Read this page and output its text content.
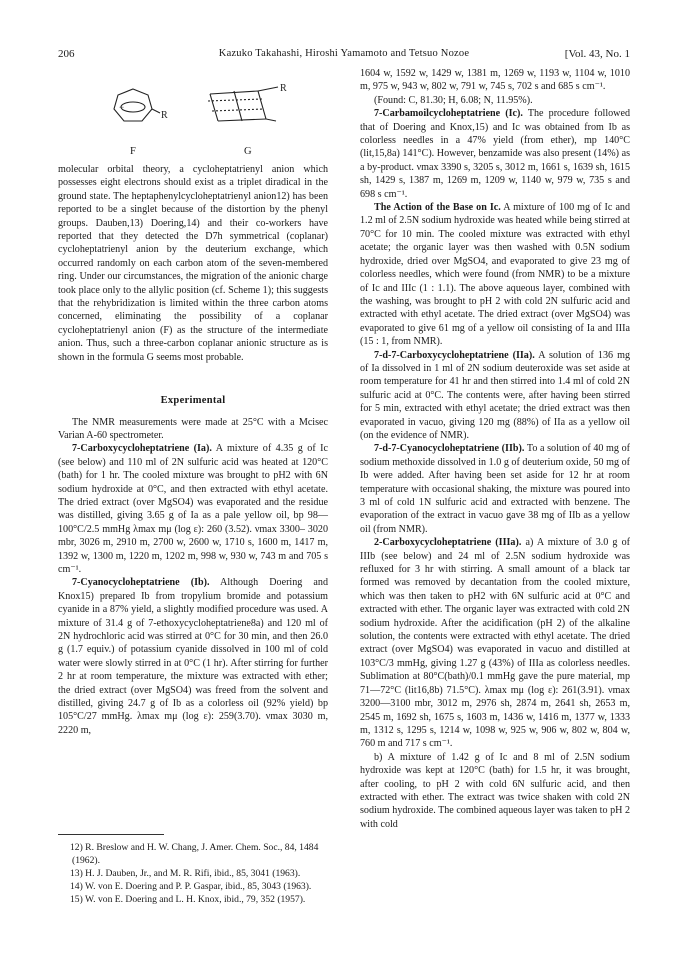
206	Kazuko Takahashi, Hiroshi Yamamoto and Tetsuo Nozoe	[Vol. 43, No. 1
−
R
R
F	G

molecular orbital theory, a cycloheptatrienyl anion which possesses eight electrons should exist as a triplet diradical in the ground state. The heptaphenylcycloheptatrienyl anion12) has been reported to be a singlet because of the distortion by the phenyl groups. Dauben,13) Doering,14) and their co-workers have reported that they detected the D7h symmetrical (coplanar) cycloheptatrienyl anion by the deuterium exchange, which occurred randomly on each carbon atom of the seven-membered ring. Under our circumstances, the migration of the anionic charge took place only to the allylic position (cf. Scheme 1); this suggests that the rehybridization is limited within the three carbon atoms concerned, eliminating the possibility of a coplanar cycloheptatrienyl anion (F) as the structure of the intermediate anion. Thus, such a three-carbon coplanar anionic structure as is shown in the formula G seems most probable.

Experimental

The NMR measurements were made at 25°C with a Mcisec Varian A-60 spectrometer.

7-Carboxycycloheptatriene (Ia). A mixture of 4.35 g of Ic (see below) and 110 ml of 2N sulfuric acid was heated at 120°C (bath) for 1 hr. The cooled mixture was brought to pH2 with 6N sodium hydroxide at 0°C, and then extracted with ethyl acetate. The dried extract (over MgSO4) was evaporated and the residue was distilled, giving 3.65 g of Ia as a pale yellow oil, bp 98—100°C/2.5 mmHg λmax mμ (log ε): 260 (3.52). νmax 3300– 3020 mbr, 3026 m, 2910 m, 2700 w, 2600 w, 1710 s, 1600 m, 1417 m, 1392 w, 1300 m, 1220 m, 1202 m, 998 w, 930 w, 743 m and 705 s cm⁻¹.

7-Cyanocycloheptatriene (Ib). Although Doering and Knox15) prepared Ib from tropylium bromide and potassium cyanide in a 87% yield, a slightly modified procedure was used. A mixture of 31.4 g of 7-ethoxycycloheptatriene8a) and 120 ml of 2N hydrochloric acid was stirred at 0°C for 30 min, and then 26.0 g (1.7 equiv.) of potassium cyanide dissolved in 100 ml of cold water were slowly stirred in at 0°C (1 hr). After stirring for further 2 hr at room temperature, the mixture was extracted with ether; the dried extract (over MgSO4) was freed from the solvent and distilled, giving 24.7 g of Ib as a colorless oil (92% yield) bp 105°C/27 mmHg. λmax mμ (log ε): 259(3.70). νmax 3030 m, 2220 m,

12) R. Breslow and H. W. Chang, J. Amer. Chem. Soc., 84, 1484 (1962).

13) H. J. Dauben, Jr., and M. R. Rifi, ibid., 85, 3041 (1963).

14) W. von E. Doering and P. P. Gaspar, ibid., 85, 3043 (1963).

15) W. von E. Doering and L. H. Knox, ibid., 79, 352 (1957).

1604 w, 1592 w, 1429 w, 1381 m, 1269 w, 1193 w, 1104 w, 1010 m, 975 w, 943 w, 802 w, 791 w, 745 s, 702 s and 685 s cm⁻¹.

(Found: C, 81.30; H, 6.08; N, 11.95%).

7-Carbamoilcycloheptatriene (Ic). The procedure followed that of Doering and Knox,15) and Ic was obtained from Ib as colorless needles in a 47% yield (from ether), mp 140°C (lit,15,8a) 141°C). However, benzamide was also present (14%) as a by-product. νmax 3390 s, 3205 s, 3012 m, 1661 s, 1639 sh, 1615 sh, 1429 s, 1387 m, 1269 m, 1209 w, 1140 w, 979 w, 735 s and 698 s cm⁻¹.

The Action of the Base on Ic. A mixture of 100 mg of Ic and 1.2 ml of 2.5N sodium hydroxide was heated while being stirred at 70°C for 10 min. The cooled mixture was extracted with ethyl acetate; the organic layer was then washed with 0.5N sodium hydroxide, dried over MgSO4, and evaporated to give 23 mg of colorless needles, which were found (from NMR) to be a mixture of Ic and IIIc (1 : 1.1). The above aqueous layer, combined with the washing, was brought to pH 2 with cold 2N sulfuric acid and extracted with ethyl acetate. The dried extract (over MgSO4) was evaporated to give 61 mg of a yellow oil consisting of Ia and IIIa (15 : 1, from NMR).

7-d-7-Carboxycycloheptatriene (IIa). A solution of 136 mg of Ia dissolved in 1 ml of 2N sodium deuteroxide was set aside at room temperature for 41 hr and then stirred into 1.4 ml of cold 2N sulfuric acid at 0°C. The contents were, after having been stirred for 5 min, extracted with ethyl acetate; the dried extract was then evaporated in vacuo, giving 120 mg (88%) of IIa as a yellow oil (on the evidence of NMR).

7-d-7-Cyanocycloheptatriene (IIb). To a solution of 40 mg of sodium methoxide dissolved in 1.0 g of deuterium oxide, 50 mg of Ib were added. After having been set aside for 12 hr at room temperature with occasional shaking, the mixture was poured into 3 ml of cold 1N sulfuric acid and extracted with benzene. The evaporation of the extract in vacuo gave 38 mg of IIb as a yellow oil (from NMR).

2-Carboxycycloheptatriene (IIIa). a) A mixture of 3.0 g of IIIb (see below) and 24 ml of 2.5N sodium hydroxide was refluxed for 3 hr with stirring. A small amount of a black tar formed was removed by decantation from the cooled mixture, which was then taken to pH2 with 6N sulfuric acid at 0°C and extracted with ether. The organic layer was extracted with cold 2N sodium hydroxide. After the acidification (pH 2) of the alkaline solution, the contents were extracted with ethyl acetate. The dried extract (over MgSO4) was evaporated in vacuo and distilled at 103°C/3 mmHg, giving 1.27 g (43%) of IIIa as colorless needles. Sublimation at 80°C(bath)/0.1 mmHg gave the pure material, mp 71—72°C (lit16,8b) 71.5°C). λmax mμ (log ε): 261(3.91). νmax 3200—3100 mbr, 3012 m, 2976 sh, 2874 m, 2641 sh, 2653 m, 2545 m, 1692 sh, 1675 s, 1603 m, 1436 w, 1416 m, 1377 w, 1333 m, 1312 s, 1295 s, 1214 w, 1098 w, 925 w, 906 w, 802 w, 804 w, 760 m and 717 s cm⁻¹.

b) A mixture of 1.42 g of Ic and 8 ml of 2.5N sodium hydroxide was kept at 120°C (bath) for 1.5 hr, it was brought, after cooling, to pH 2 with cold 6N sulfuric acid, and then extracted with ether. The extract was twice shaken with cold 2N sodium hydroxide. The combined aqueous layer was taken to pH 2 with cold
